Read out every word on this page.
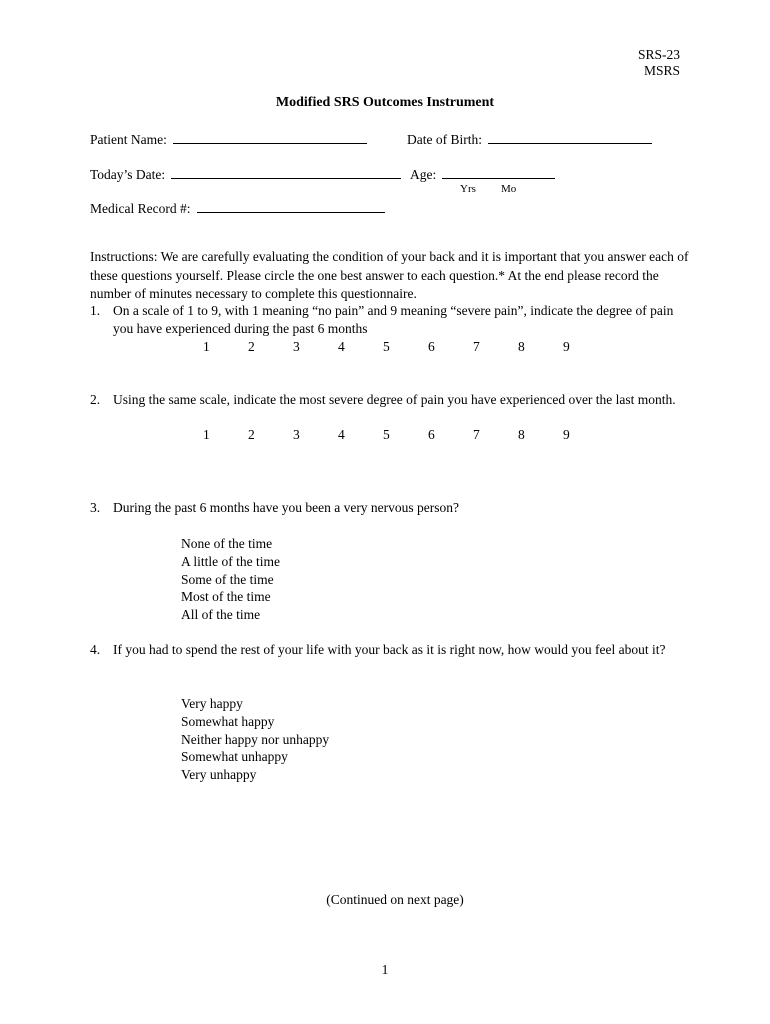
SRS-23
MSRS
Modified SRS Outcomes Instrument
Patient Name:	Date of Birth:
Today’s Date:	Age:
Yrs Mo
Medical Record #:
Instructions: We are carefully evaluating the condition of your back and it is important that you answer each of these questions yourself. Please circle the one best answer to each question.* At the end please record the number of minutes necessary to complete this questionnaire.
1. On a scale of 1 to 9, with 1 meaning “no pain” and 9 meaning “severe pain”, indicate the degree of pain you have experienced during the past 6 months
1	2	3	4	5	6	7	8	9
2. Using the same scale, indicate the most severe degree of pain you have experienced over the last month.
1	2	3	4	5	6	7	8	9
3. During the past 6 months have you been a very nervous person?
None of the time
A little of the time
Some of the time
Most of the time
All of the time
4. If you had to spend the rest of your life with your back as it is right now, how would you feel about it?
Very happy
Somewhat happy
Neither happy nor unhappy
Somewhat unhappy
Very unhappy
(Continued on next page)
1
